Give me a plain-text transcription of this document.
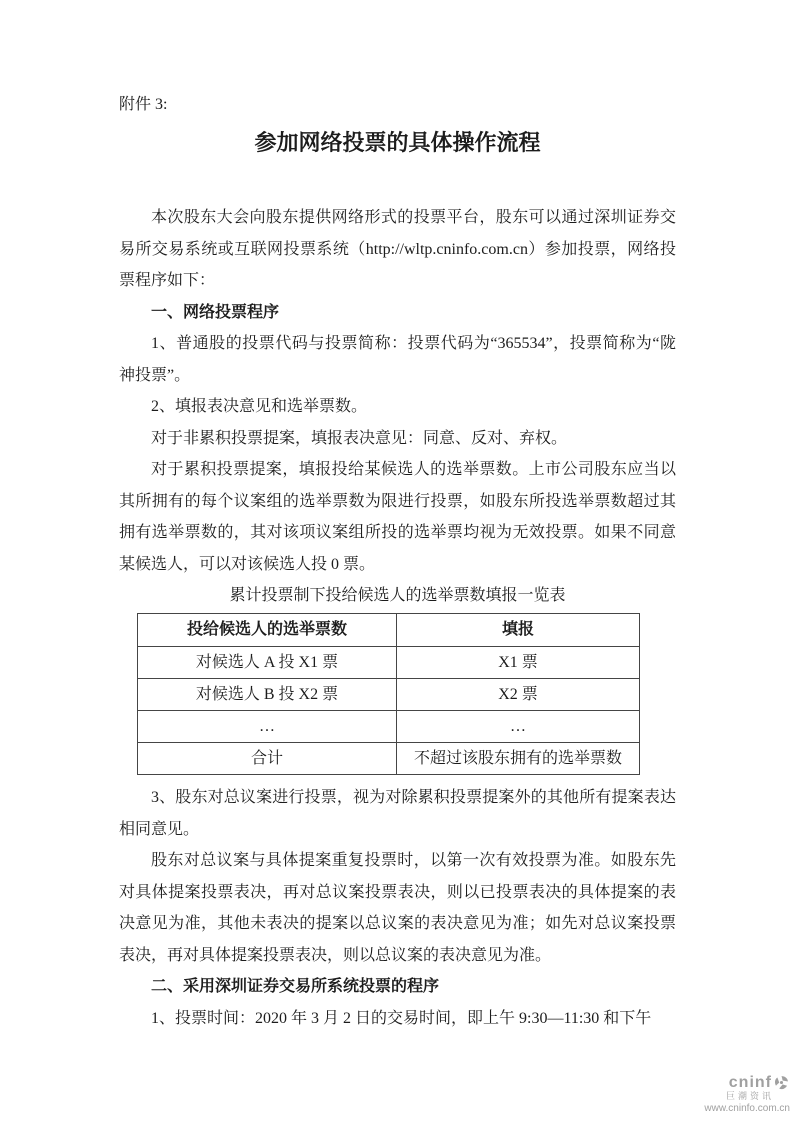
附件 3:

参加网络投票的具体操作流程

本次股东大会向股东提供网络形式的投票平台，股东可以通过深圳证券交易所交易系统或互联网投票系统（http://wltp.cninfo.com.cn）参加投票，网络投票程序如下：

一、网络投票程序

1、普通股的投票代码与投票简称：投票代码为“365534”，投票简称为“陇神投票”。

2、填报表决意见和选举票数。

对于非累积投票提案，填报表决意见：同意、反对、弃权。

对于累积投票提案，填报投给某候选人的选举票数。上市公司股东应当以其所拥有的每个议案组的选举票数为限进行投票，如股东所投选举票数超过其拥有选举票数的，其对该项议案组所投的选举票均视为无效投票。如果不同意某候选人，可以对该候选人投 0 票。

累计投票制下投给候选人的选举票数填报一览表

投给候选人的选举票数	填报
对候选人 A 投 X1 票	X1 票
对候选人 B 投 X2 票	X2 票
…	…
合计	不超过该股东拥有的选举票数

3、股东对总议案进行投票，视为对除累积投票提案外的其他所有提案表达相同意见。

股东对总议案与具体提案重复投票时，以第一次有效投票为准。如股东先对具体提案投票表决，再对总议案投票表决，则以已投票表决的具体提案的表决意见为准，其他未表决的提案以总议案的表决意见为准；如先对总议案投票表决，再对具体提案投票表决，则以总议案的表决意见为准。

二、采用深圳证券交易所系统投票的程序

1、投票时间：2020 年 3 月 2 日的交易时间，即上午 9:30—11:30 和下午

cninf
巨潮资讯
www.cninfo.com.cn
